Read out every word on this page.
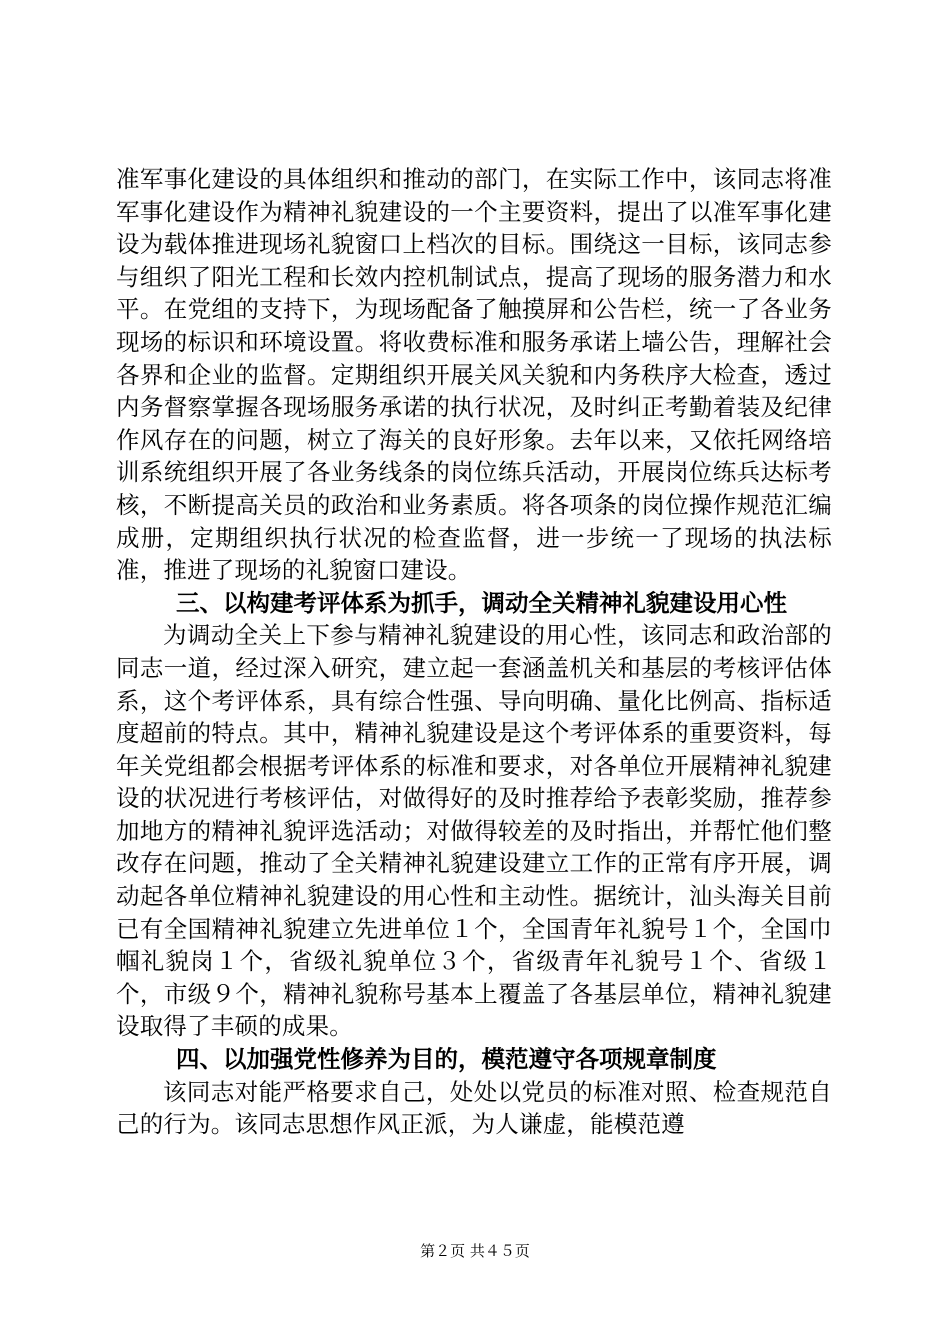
准军事化建设的具体组织和推动的部门，在实际工作中，该同志将准军事化建设作为精神礼貌建设的一个主要资料，提出了以准军事化建设为载体推进现场礼貌窗口上档次的目标。围绕这一目标，该同志参与组织了阳光工程和长效内控机制试点，提高了现场的服务潜力和水平。在党组的支持下，为现场配备了触摸屏和公告栏，统一了各业务现场的标识和环境设置。将收费标准和服务承诺上墙公告，理解社会各界和企业的监督。定期组织开展关风关貌和内务秩序大检查，透过内务督察掌握各现场服务承诺的执行状况，及时纠正考勤着装及纪律作风存在的问题，树立了海关的良好形象。去年以来，又依托网络培训系统组织开展了各业务线条的岗位练兵活动，开展岗位练兵达标考核，不断提高关员的政治和业务素质。将各项条的岗位操作规范汇编成册，定期组织执行状况的检查监督，进一步统一了现场的执法标准，推进了现场的礼貌窗口建设。

三、以构建考评体系为抓手，调动全关精神礼貌建设用心性

为调动全关上下参与精神礼貌建设的用心性，该同志和政治部的同志一道，经过深入研究，建立起一套涵盖机关和基层的考核评估体系，这个考评体系，具有综合性强、导向明确、量化比例高、指标适度超前的特点。其中，精神礼貌建设是这个考评体系的重要资料，每年关党组都会根据考评体系的标准和要求，对各单位开展精神礼貌建设的状况进行考核评估，对做得好的及时推荐给予表彰奖励，推荐参加地方的精神礼貌评选活动；对做得较差的及时指出，并帮忙他们整改存在问题，推动了全关精神礼貌建设建立工作的正常有序开展，调动起各单位精神礼貌建设的用心性和主动性。据统计，汕头海关目前已有全国精神礼貌建立先进单位１个，全国青年礼貌号１个，全国巾帼礼貌岗１个，省级礼貌单位３个，省级青年礼貌号１个、省级１个，市级９个，精神礼貌称号基本上覆盖了各基层单位，精神礼貌建设取得了丰硕的成果。

四、以加强党性修养为目的，模范遵守各项规章制度

该同志对能严格要求自己，处处以党员的标准对照、检查规范自己的行为。该同志思想作风正派，为人谦虚，能模范遵

第２页 共４５页
